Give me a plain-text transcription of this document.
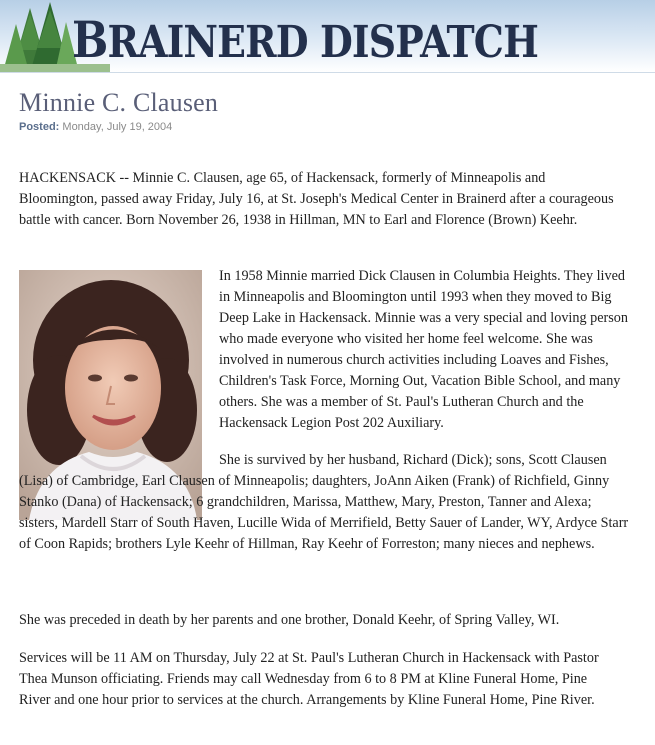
BRAINERD DISPATCH
Minnie C. Clausen
Posted: Monday, July 19, 2004

HACKENSACK -- Minnie C. Clausen, age 65, of Hackensack, formerly of Minneapolis and Bloomington, passed away Friday, July 16, at St. Joseph's Medical Center in Brainerd after a courageous battle with cancer. Born November 26, 1938 in Hillman, MN to Earl and Florence (Brown) Keehr.

In 1958 Minnie married Dick Clausen in Columbia Heights. They lived in Minneapolis and Bloomington until 1993 when they moved to Big Deep Lake in Hackensack. Minnie was a very special and loving person who made everyone who visited her home feel welcome. She was involved in numerous church activities including Loaves and Fishes, Children's Task Force, Morning Out, Vacation Bible School, and many others. She was a member of St. Paul's Lutheran Church and the Hackensack Legion Post 202 Auxiliary.

She is survived by her husband, Richard (Dick); sons, Scott Clausen (Lisa) of Cambridge, Earl Clausen of Minneapolis; daughters, JoAnn Aiken (Frank) of Richfield, Ginny Stanko (Dana) of Hackensack; 6 grandchildren, Marissa, Matthew, Mary, Preston, Tanner and Alexa; sisters, Mardell Starr of South Haven, Lucille Wida of Merrifield, Betty Sauer of Lander, WY, Ardyce Starr of Coon Rapids; brothers Lyle Keehr of Hillman, Ray Keehr of Forreston; many nieces and nephews.

She was preceded in death by her parents and one brother, Donald Keehr, of Spring Valley, WI.

Services will be 11 AM on Thursday, July 22 at St. Paul's Lutheran Church in Hackensack with Pastor Thea Munson officiating. Friends may call Wednesday from 6 to 8 PM at Kline Funeral Home, Pine River and one hour prior to services at the church. Arrangements by Kline Funeral Home, Pine River.
